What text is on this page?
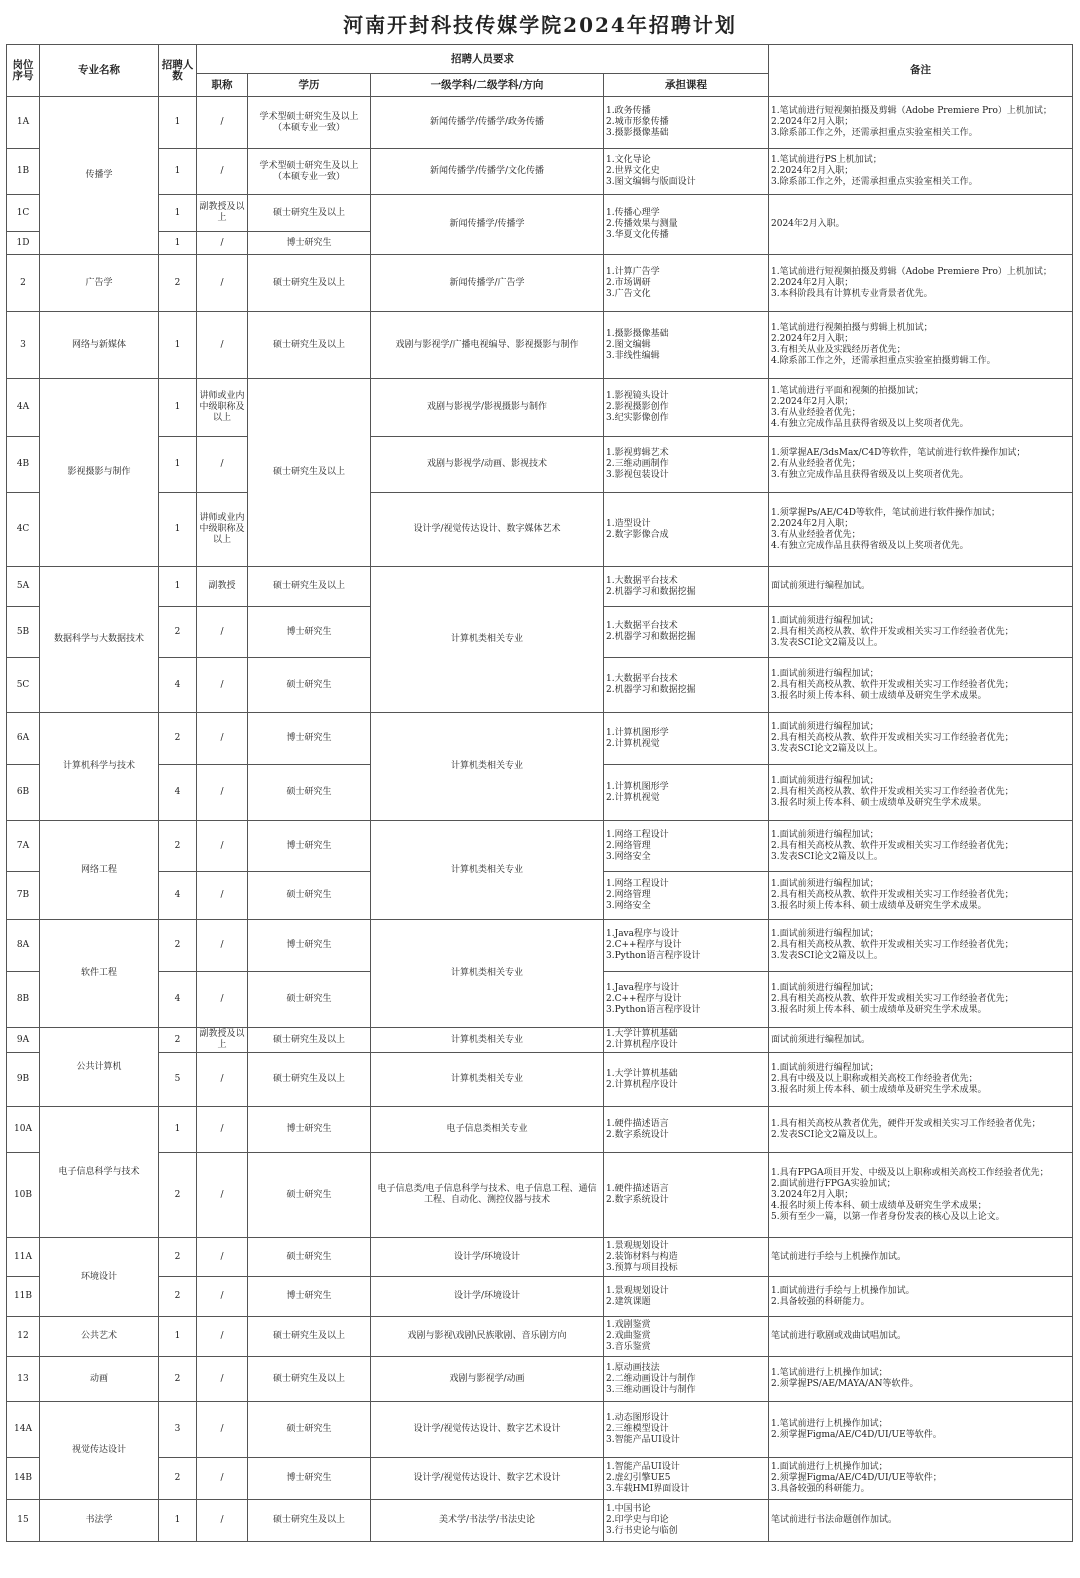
河南开封科技传媒学院2024年招聘计划
岗位序号	专业名称	招聘人数	招聘人员要求				备注
			职称	学历	一级学科/二级学科/方向	承担课程	
1A	传播学	1	/	学术型硕士研究生及以上
（本硕专业一致）	新闻传播学/传播学/政务传播	1.政务传播
2.城市形象传播
3.摄影摄像基础	1.笔试前进行短视频拍摄及剪辑（Adobe Premiere Pro）上机加试；
2.2024年2月入职；
3.除系部工作之外，还需承担重点实验室相关工作。
1B		1	/	学术型硕士研究生及以上
（本硕专业一致）	新闻传播学/传播学/文化传播	1.文化导论
2.世界文化史
3.图文编辑与版面设计	1.笔试前进行PS上机加试；
2.2024年2月入职；
3.除系部工作之外，还需承担重点实验室相关工作。
1C		1	副教授及以上	硕士研究生及以上	新闻传播学/传播学	1.传播心理学
2.传播效果与测量
3.华夏文化传播	2024年2月入职。
1D		1	/	博士研究生			
2	广告学	2	/	硕士研究生及以上	新闻传播学/广告学	1.计算广告学
2.市场调研
3.广告文化	1.笔试前进行短视频拍摄及剪辑（Adobe Premiere Pro）上机加试；
2.2024年2月入职；
3.本科阶段具有计算机专业背景者优先。
3	网络与新媒体	1	/	硕士研究生及以上	戏剧与影视学/广播电视编导、影视摄影与制作	1.摄影摄像基础
2.图文编辑
3.非线性编辑	1.笔试前进行视频拍摄与剪辑上机加试；
2.2024年2月入职；
3.有相关从业及实践经历者优先；
4.除系部工作之外，还需承担重点实验室拍摄剪辑工作。
4A	影视摄影与制作	1	讲师或业内中级职称及以上	硕士研究生及以上	戏剧与影视学/影视摄影与制作	1.影视镜头设计
2.影视摄影创作
3.纪实影像创作	1.笔试前进行平面和视频的拍摄加试；
2.2024年2月入职；
3.有从业经验者优先；
4.有独立完成作品且获得省级及以上奖项者优先。
4B		1	/		戏剧与影视学/动画、影视技术	1.影视剪辑艺术
2.三维动画制作
3.影视包装设计	1.须掌握AE/3dsMax/C4D等软件，笔试前进行软件操作加试；
2.有从业经验者优先；
3.有独立完成作品且获得省级及以上奖项者优先。
4C		1	讲师或业内中级职称及以上		设计学/视觉传达设计、数字媒体艺术	1.造型设计
2.数字影像合成	1.须掌握Ps/AE/C4D等软件，笔试前进行软件操作加试；
2.2024年2月入职；
3.有从业经验者优先；
4.有独立完成作品且获得省级及以上奖项者优先。
5A	数据科学与大数据技术	1	副教授	硕士研究生及以上	计算机类相关专业	1.大数据平台技术
2.机器学习和数据挖掘	面试前须进行编程加试。
5B		2	/	博士研究生		1.大数据平台技术
2.机器学习和数据挖掘	1.面试前须进行编程加试；
2.具有相关高校从教、软件开发或相关实习工作经验者优先；
3.发表SCI论文2篇及以上。
5C		4	/	硕士研究生		1.大数据平台技术
2.机器学习和数据挖掘	1.面试前须进行编程加试；
2.具有相关高校从教、软件开发或相关实习工作经验者优先；
3.报名时须上传本科、硕士成绩单及研究生学术成果。
6A	计算机科学与技术	2	/	博士研究生	计算机类相关专业	1.计算机图形学
2.计算机视觉	1.面试前须进行编程加试；
2.具有相关高校从教、软件开发或相关实习工作经验者优先；
3.发表SCI论文2篇及以上。
6B		4	/	硕士研究生		1.计算机图形学
2.计算机视觉	1.面试前须进行编程加试；
2.具有相关高校从教、软件开发或相关实习工作经验者优先；
3.报名时须上传本科、硕士成绩单及研究生学术成果。
7A	网络工程	2	/	博士研究生	计算机类相关专业	1.网络工程设计
2.网络管理
3.网络安全	1.面试前须进行编程加试；
2.具有相关高校从教、软件开发或相关实习工作经验者优先；
3.发表SCI论文2篇及以上。
7B		4	/	硕士研究生		1.网络工程设计
2.网络管理
3.网络安全	1.面试前须进行编程加试；
2.具有相关高校从教、软件开发或相关实习工作经验者优先；
3.报名时须上传本科、硕士成绩单及研究生学术成果。
8A	软件工程	2	/	博士研究生	计算机类相关专业	1.Java程序与设计
2.C++程序与设计
3.Python语言程序设计	1.面试前须进行编程加试；
2.具有相关高校从教、软件开发或相关实习工作经验者优先；
3.发表SCI论文2篇及以上。
8B		4	/	硕士研究生		1.Java程序与设计
2.C++程序与设计
3.Python语言程序设计	1.面试前须进行编程加试；
2.具有相关高校从教、软件开发或相关实习工作经验者优先；
3.报名时须上传本科、硕士成绩单及研究生学术成果。
9A	公共计算机	2	副教授及以上	硕士研究生及以上	计算机类相关专业	1.大学计算机基础
2.计算机程序设计	面试前须进行编程加试。
9B		5	/	硕士研究生及以上	计算机类相关专业	1.大学计算机基础
2.计算机程序设计	1.面试前须进行编程加试；
2.具有中级及以上职称或相关高校工作经验者优先；
3.报名时须上传本科、硕士成绩单及研究生学术成果。
10A	电子信息科学与技术	1	/	博士研究生	电子信息类相关专业	1.硬件描述语言
2.数字系统设计	1.具有相关高校从教者优先，硬件开发或相关实习工作经验者优先；
2.发表SCI论文2篇及以上。
10B		2	/	硕士研究生	电子信息类/电子信息科学与技术、电子信息工程、通信工程、自动化、测控仪器与技术	1.硬件描述语言
2.数字系统设计	1.具有FPGA项目开发、中级及以上职称或相关高校工作经验者优先；
2.面试前进行FPGA实验加试；
3.2024年2月入职；
4.报名时须上传本科、硕士成绩单及研究生学术成果；
5.须有至少一篇，以第一作者身份发表的核心及以上论文。
11A	环境设计	2	/	硕士研究生	设计学/环境设计	1.景观规划设计
2.装饰材料与构造
3.预算与项目投标	笔试前进行手绘与上机操作加试。
11B		2	/	博士研究生	设计学/环境设计	1.景观规划设计
2.建筑课题	1.面试前进行手绘与上机操作加试。
2.具备较强的科研能力。
12	公共艺术	1	/	硕士研究生及以上	戏剧与影视\戏剧\民族歌剧、音乐剧方向	1.戏剧鉴赏
2.戏曲鉴赏
3.音乐鉴赏	笔试前进行歌剧或戏曲试唱加试。
13	动画	2	/	硕士研究生及以上	戏剧与影视学/动画	1.原动画技法
2.二维动画设计与制作
3.三维动画设计与制作	1.笔试前进行上机操作加试；
2.须掌握PS/AE/MAYA/AN等软件。
14A	视觉传达设计	3	/	硕士研究生	设计学/视觉传达设计、数字艺术设计	1.动态图形设计
2.三维模型设计
3.智能产品UI设计	1.笔试前进行上机操作加试；
2.须掌握Figma/AE/C4D/UI/UE等软件。
14B		2	/	博士研究生	设计学/视觉传达设计、数字艺术设计	1.智能产品UI设计
2.虚幻引擎UE5
3.车载HMI界面设计	1.面试前进行上机操作加试；
2.须掌握Figma/AE/C4D/UI/UE等软件；
3.具备较强的科研能力。
15	书法学	1	/	硕士研究生及以上	美术学/书法学/书法史论	1.中国书论
2.印学史与印论
3.行书史论与临创	笔试前进行书法命题创作加试。
